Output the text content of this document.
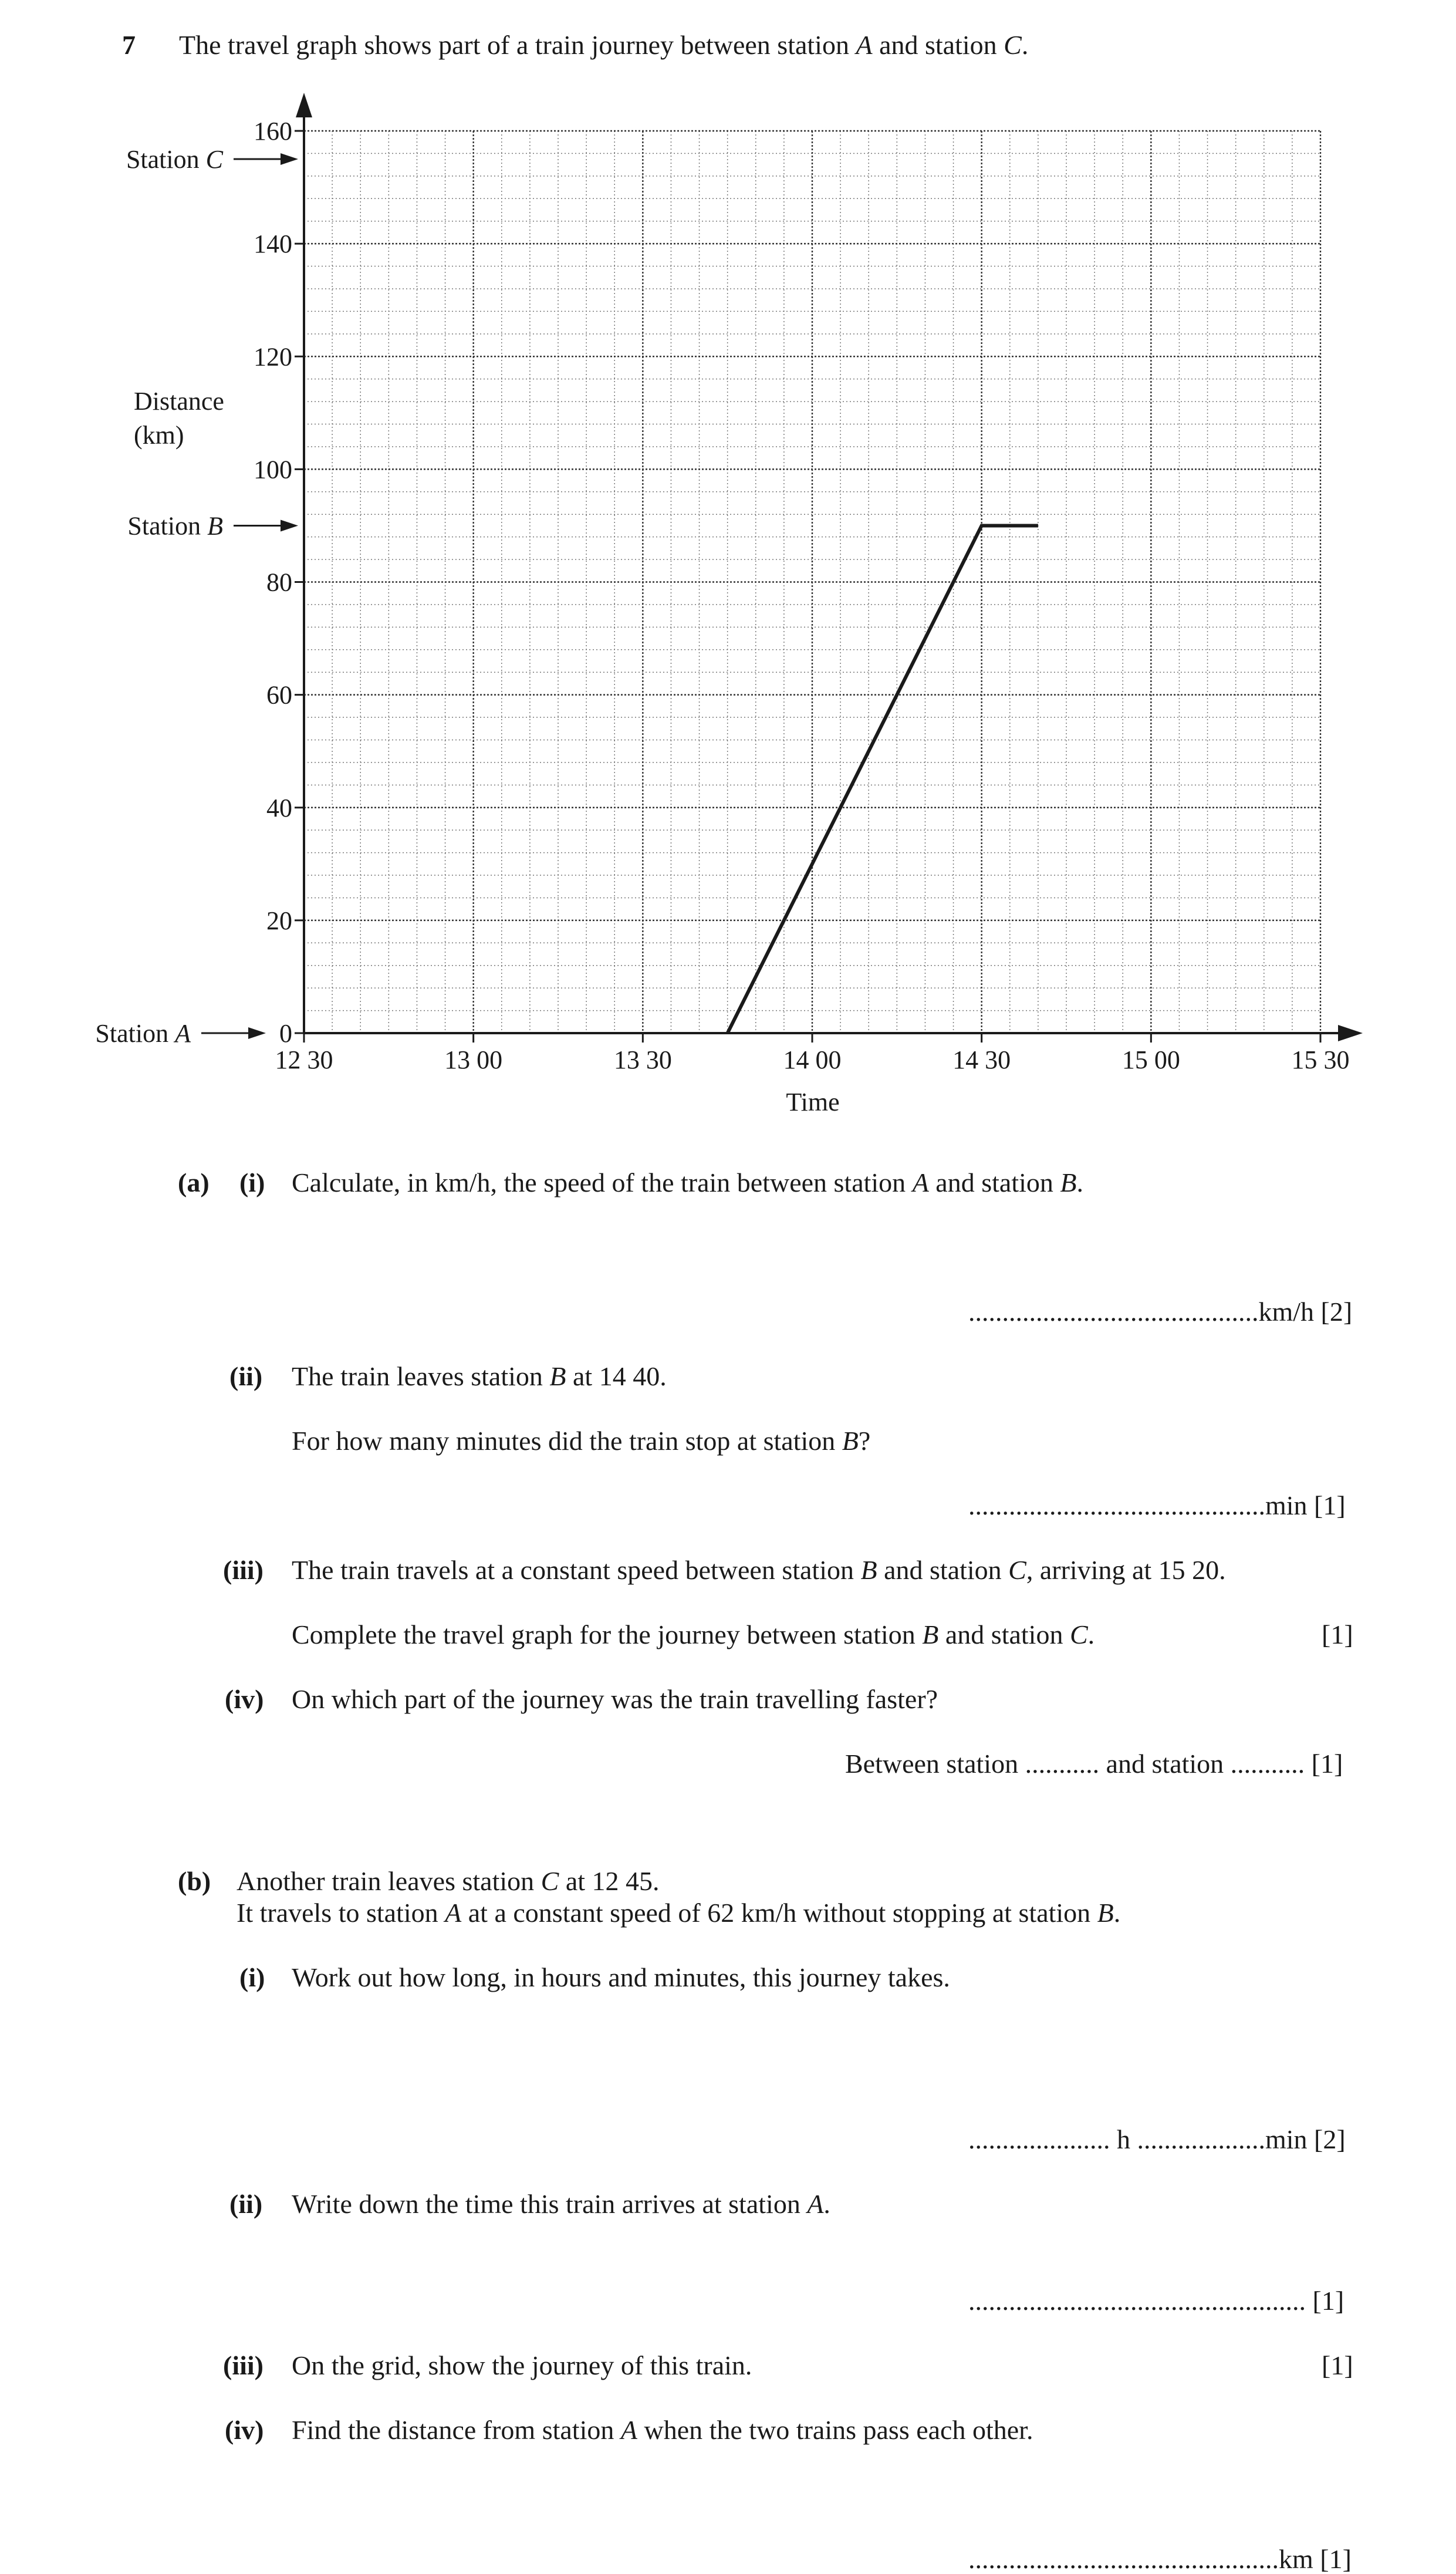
7 The travel graph shows part of a train journey between station A and station C.
12 30	13 00	13 30	14 00	14 30	15 00	15 30
0
20
40
60
80
100
120
140
160
Station A
Station B
Station C
Time
Distance
(km)
(a) (i) Calculate, in km/h, the speed of the train between station A and station B.
...........................................km/h [2]
(ii) The train leaves station B at 14 40.
For how many minutes did the train stop at station B?
............................................min [1]
(iii) The train travels at a constant speed between station B and station C, arriving at 15 20.
Complete the travel graph for the journey between station B and station C.	[1]
(iv) On which part of the journey was the train travelling faster?
Between station ........... and station ........... [1]
(b) Another train leaves station C at 12 45.
It travels to station A at a constant speed of 62 km/h without stopping at station B.
(i) Work out how long, in hours and minutes, this journey takes.
..................... h ...................min [2]
(ii) Write down the time this train arrives at station A.
.................................................. [1]
(iii) On the grid, show the journey of this train.	[1]
(iv) Find the distance from station A when the two trains pass each other.
..............................................km [1]
